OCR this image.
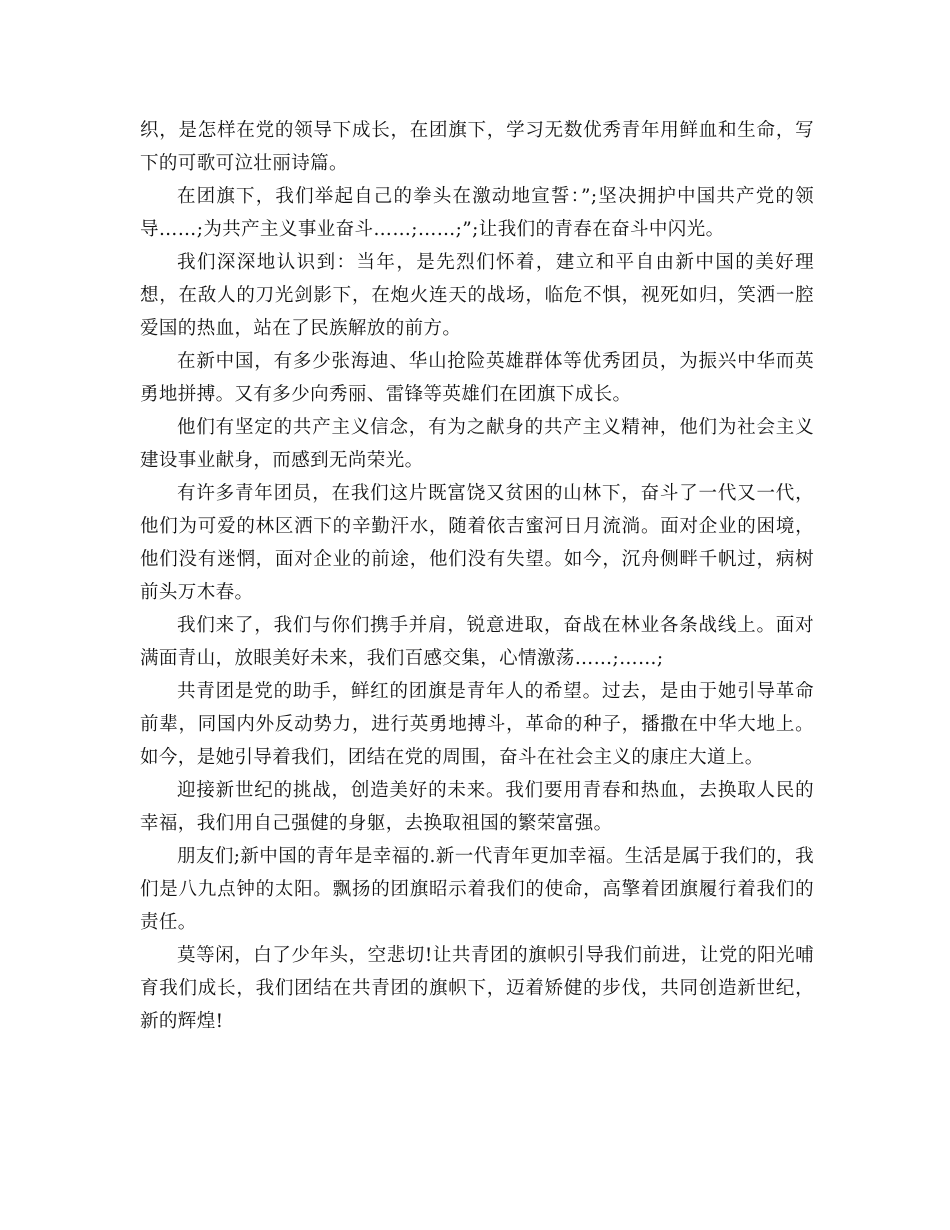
织，是怎样在党的领导下成长，在团旗下，学习无数优秀青年用鲜血和生命，写下的可歌可泣壮丽诗篇。

在团旗下，我们举起自己的拳头在激动地宣誓：”;坚决拥护中国共产党的领导……;为共产主义事业奋斗……;……;”;让我们的青春在奋斗中闪光。

我们深深地认识到：当年，是先烈们怀着，建立和平自由新中国的美好理想，在敌人的刀光剑影下，在炮火连天的战场，临危不惧，视死如归，笑洒一腔爱国的热血，站在了民族解放的前方。

在新中国，有多少张海迪、华山抢险英雄群体等优秀团员，为振兴中华而英勇地拼搏。又有多少向秀丽、雷锋等英雄们在团旗下成长。

他们有坚定的共产主义信念，有为之献身的共产主义精神，他们为社会主义建设事业献身，而感到无尚荣光。

有许多青年团员，在我们这片既富饶又贫困的山林下，奋斗了一代又一代，他们为可爱的林区洒下的辛勤汗水，随着依吉蜜河日月流淌。面对企业的困境，他们没有迷惘，面对企业的前途，他们没有失望。如今，沉舟侧畔千帆过，病树前头万木春。

我们来了，我们与你们携手并肩，锐意进取，奋战在林业各条战线上。面对满面青山，放眼美好未来，我们百感交集，心情激荡……;……;

共青团是党的助手，鲜红的团旗是青年人的希望。过去，是由于她引导革命前辈，同国内外反动势力，进行英勇地搏斗，革命的种子，播撒在中华大地上。如今，是她引导着我们，团结在党的周围，奋斗在社会主义的康庄大道上。

迎接新世纪的挑战，创造美好的未来。我们要用青春和热血，去换取人民的幸福，我们用自己强健的身躯，去换取祖国的繁荣富强。

朋友们;新中国的青年是幸福的.新一代青年更加幸福。生活是属于我们的，我们是八九点钟的太阳。飘扬的团旗昭示着我们的使命，高擎着团旗履行着我们的责任。

莫等闲，白了少年头，空悲切!让共青团的旗帜引导我们前进，让党的阳光哺育我们成长，我们团结在共青团的旗帜下，迈着矫健的步伐，共同创造新世纪，新的辉煌!
